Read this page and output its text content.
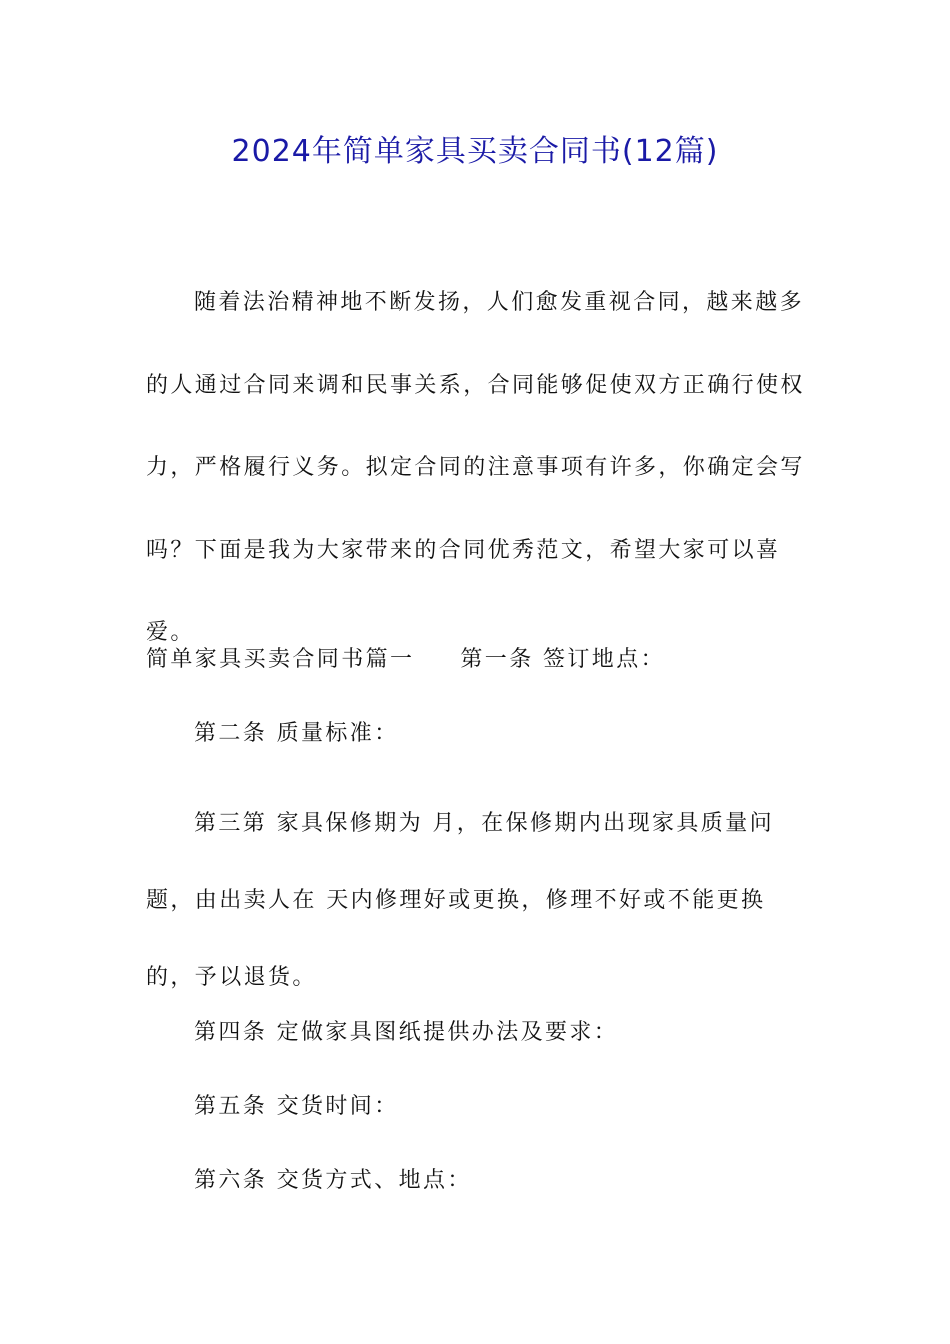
2024年简单家具买卖合同书(12篇)

随着法治精神地不断发扬，人们愈发重视合同，越来越多的人通过合同来调和民事关系，合同能够促使双方正确行使权力，严格履行义务。拟定合同的注意事项有许多，你确定会写吗？下面是我为大家带来的合同优秀范文，希望大家可以喜爱。

简单家具买卖合同书篇一 第一条 签订地点：

第二条 质量标准：

第三第 家具保修期为 月，在保修期内出现家具质量问题，由出卖人在 天内修理好或更换，修理不好或不能更换的，予以退货。

第四条 定做家具图纸提供办法及要求：

第五条 交货时间：

第六条 交货方式、地点：
